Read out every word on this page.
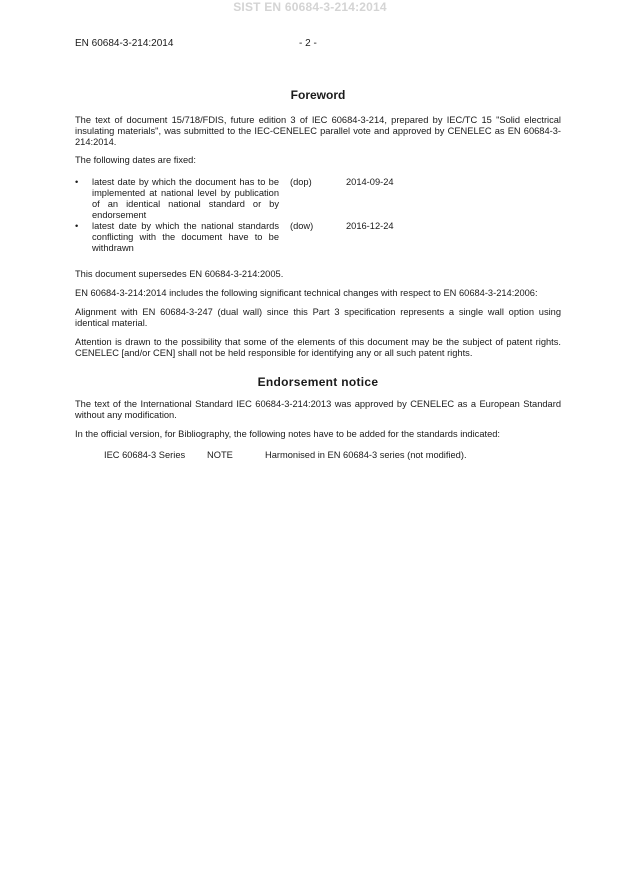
SIST EN 60684-3-214:2014
EN 60684-3-214:2014	- 2 -
Foreword

The text of document 15/718/FDIS, future edition 3 of IEC 60684-3-214, prepared by IEC/TC 15 "Solid electrical insulating materials", was submitted to the IEC-CENELEC parallel vote and approved by CENELEC as EN 60684-3-214:2014.

The following dates are fixed:

• latest date by which the document has to be implemented at national level by publication of an identical national standard or by endorsement
(dop)	2014-09-24
• latest date by which the national standards conflicting with the document have to be withdrawn
(dow)	2016-12-24

This document supersedes EN 60684-3-214:2005.

EN 60684-3-214:2014 includes the following significant technical changes with respect to EN 60684-3-214:2006:

Alignment with EN 60684-3-247 (dual wall) since this Part 3 specification represents a single wall option using identical material.

Attention is drawn to the possibility that some of the elements of this document may be the subject of patent rights. CENELEC [and/or CEN] shall not be held responsible for identifying any or all such patent rights.

Endorsement notice

The text of the International Standard IEC 60684-3-214:2013 was approved by CENELEC as a European Standard without any modification.

In the official version, for Bibliography, the following notes have to be added for the standards indicated:

IEC 60684-3 Series NOTE	Harmonised in EN 60684-3 series (not modified).
